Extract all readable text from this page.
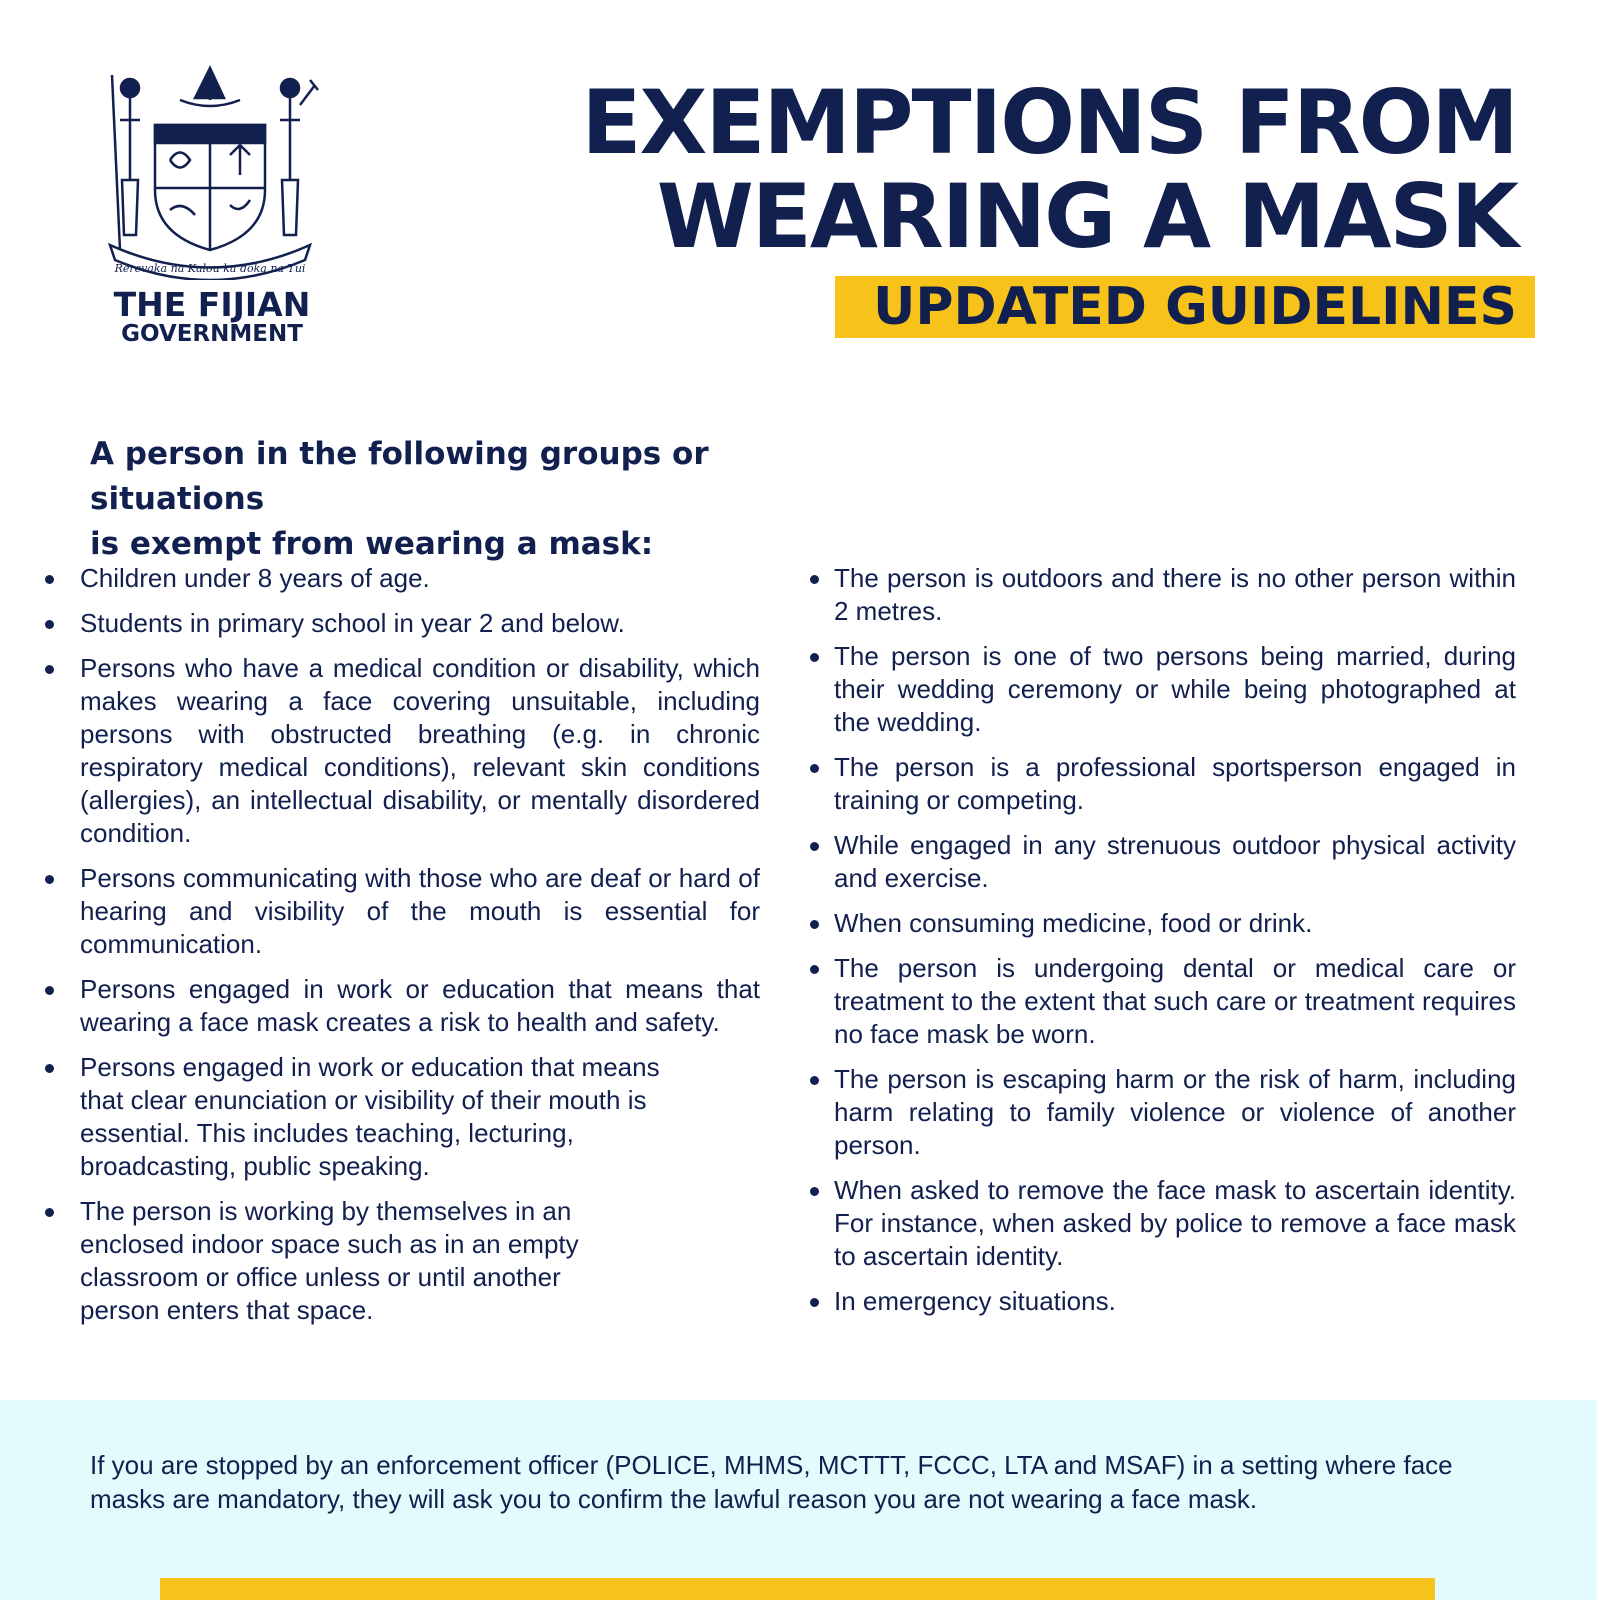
Rerevaka na Kalou ka doka na Tui
THE FIJIAN
GOVERNMENT
EXEMPTIONS FROM
WEARING A MASK
UPDATED GUIDELINES
A person in the following groups or situations
is exempt from wearing a mask:
Children under 8 years of age.
Students in primary school in year 2 and below.
Persons who have a medical condition or disability, which makes wearing a face covering unsuitable, including persons with obstructed breathing (e.g. in chronic respiratory medical conditions), relevant skin conditions (allergies), an intellectual disability, or mentally disordered condition.
Persons communicating with those who are deaf or hard of hearing and visibility of the mouth is essential for communication.
Persons engaged in work or education that means that wearing a face mask creates a risk to health and safety.
Persons engaged in work or education that means that clear enunciation or visibility of their mouth is essential. This includes teaching, lecturing, broadcasting, public speaking.
The person is working by themselves in an enclosed indoor space such as in an empty classroom or office unless or until another person enters that space.
The person is outdoors and there is no other person within 2 metres.
The person is one of two persons being married, during their wedding ceremony or while being photographed at the wedding.
The person is a professional sportsperson engaged in training or competing.
While engaged in any strenuous outdoor physical activity and exercise.
When consuming medicine, food or drink.
The person is undergoing dental or medical care or treatment to the extent that such care or treatment requires no face mask be worn.
The person is escaping harm or the risk of harm, including harm relating to family violence or violence of another person.
When asked to remove the face mask to ascertain identity. For instance, when asked by police to remove a face mask to ascertain identity.
In emergency situations.
If you are stopped by an enforcement officer (POLICE, MHMS, MCTTT, FCCC, LTA and MSAF) in a setting where face masks are mandatory, they will ask you to confirm the lawful reason you are not wearing a face mask.
